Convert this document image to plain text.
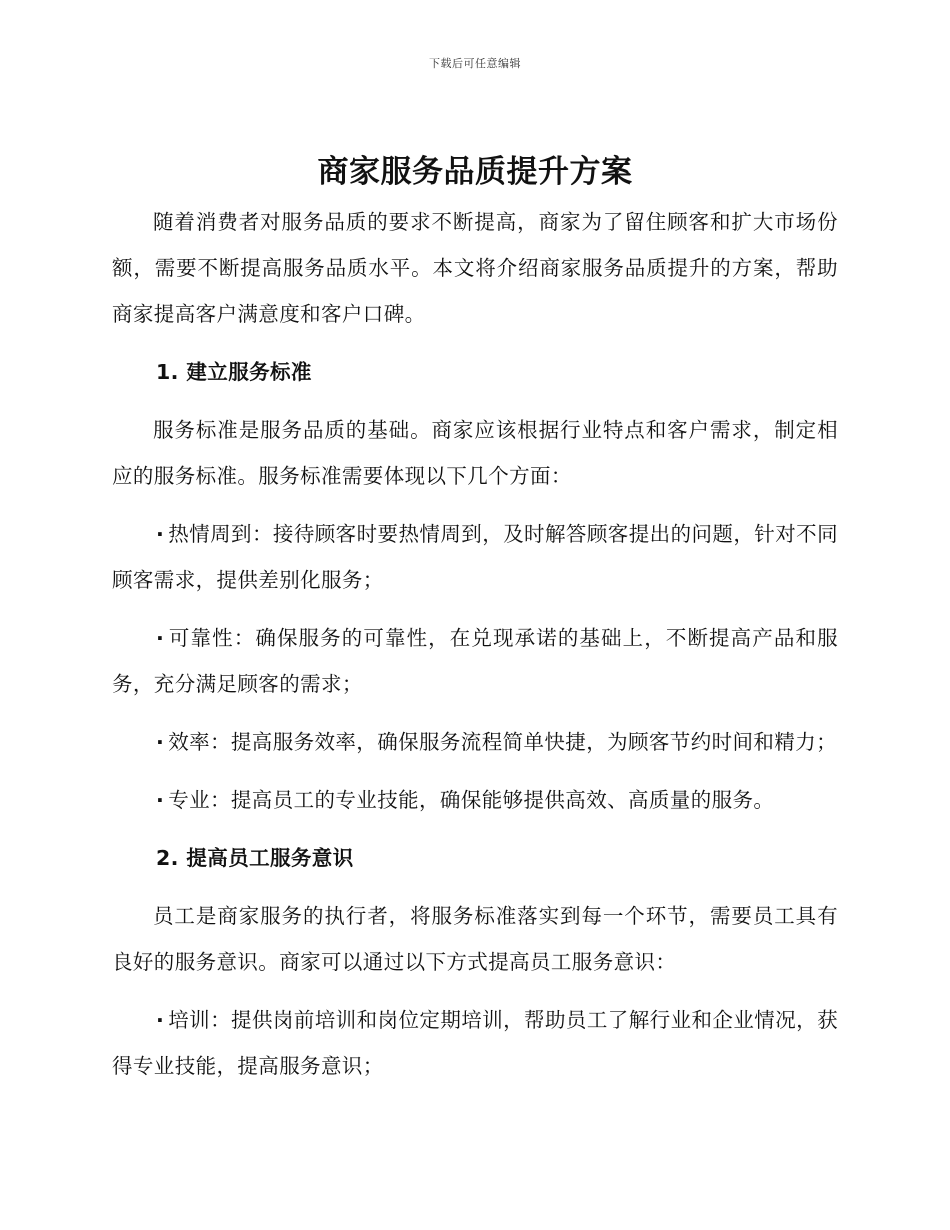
下载后可任意编辑
商家服务品质提升方案

随着消费者对服务品质的要求不断提高，商家为了留住顾客和扩大市场份额，需要不断提高服务品质水平。本文将介绍商家服务品质提升的方案，帮助商家提高客户满意度和客户口碑。

1. 建立服务标准

服务标准是服务品质的基础。商家应该根据行业特点和客户需求，制定相应的服务标准。服务标准需要体现以下几个方面：

· 热情周到：接待顾客时要热情周到，及时解答顾客提出的问题，针对不同顾客需求，提供差别化服务；

· 可靠性：确保服务的可靠性，在兑现承诺的基础上，不断提高产品和服务，充分满足顾客的需求；

· 效率：提高服务效率，确保服务流程简单快捷，为顾客节约时间和精力；

· 专业：提高员工的专业技能，确保能够提供高效、高质量的服务。

2. 提高员工服务意识

员工是商家服务的执行者，将服务标准落实到每一个环节，需要员工具有良好的服务意识。商家可以通过以下方式提高员工服务意识：

· 培训：提供岗前培训和岗位定期培训，帮助员工了解行业和企业情况，获得专业技能，提高服务意识；
